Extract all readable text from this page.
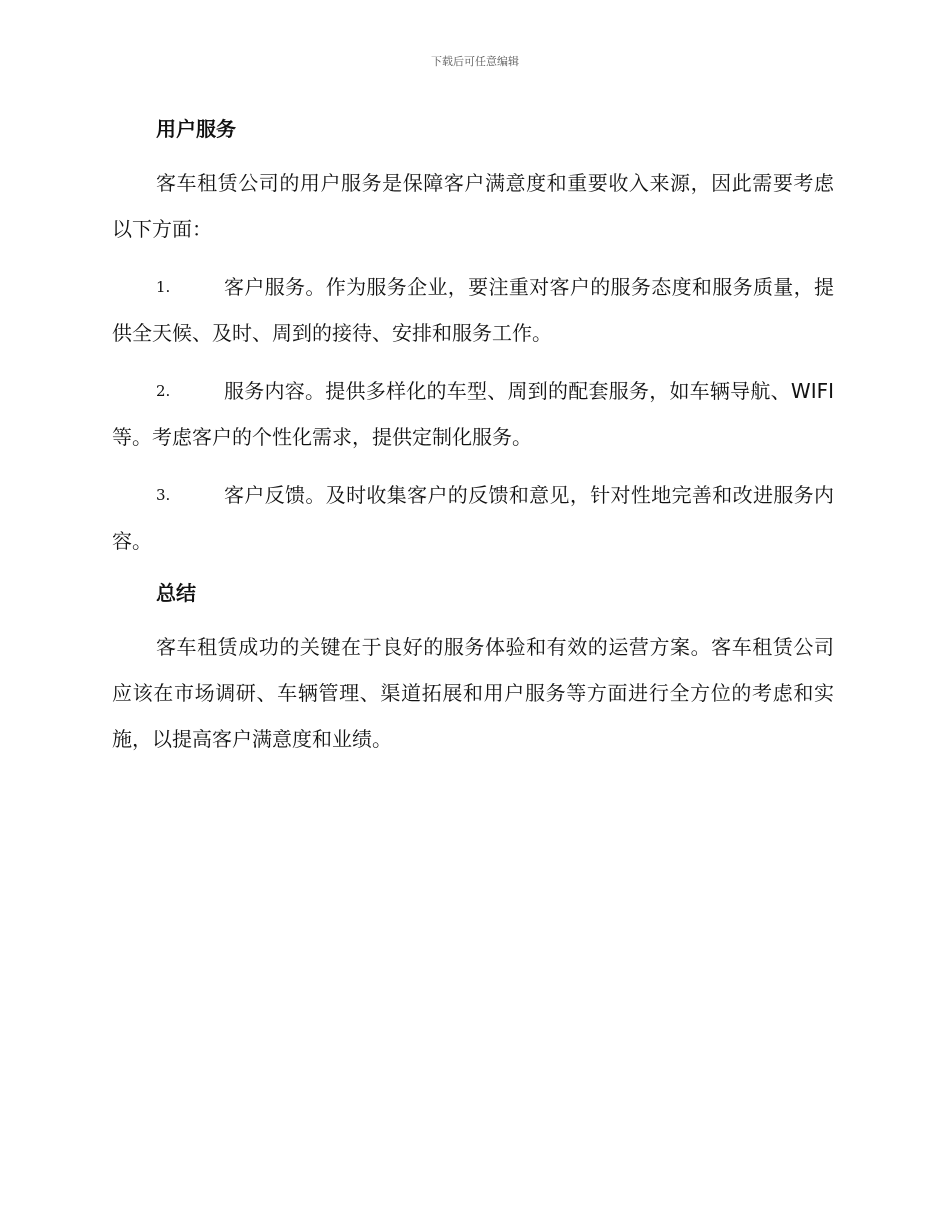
下载后可任意编辑
用户服务

客车租赁公司的用户服务是保障客户满意度和重要收入来源，因此需要考虑以下方面：

1.	客户服务。作为服务企业，要注重对客户的服务态度和服务质量，提供全天候、及时、周到的接待、安排和服务工作。

2.	服务内容。提供多样化的车型、周到的配套服务，如车辆导航、WIFI 等。考虑客户的个性化需求，提供定制化服务。

3.	客户反馈。及时收集客户的反馈和意见，针对性地完善和改进服务内容。

总结

客车租赁成功的关键在于良好的服务体验和有效的运营方案。客车租赁公司应该在市场调研、车辆管理、渠道拓展和用户服务等方面进行全方位的考虑和实施，以提高客户满意度和业绩。
